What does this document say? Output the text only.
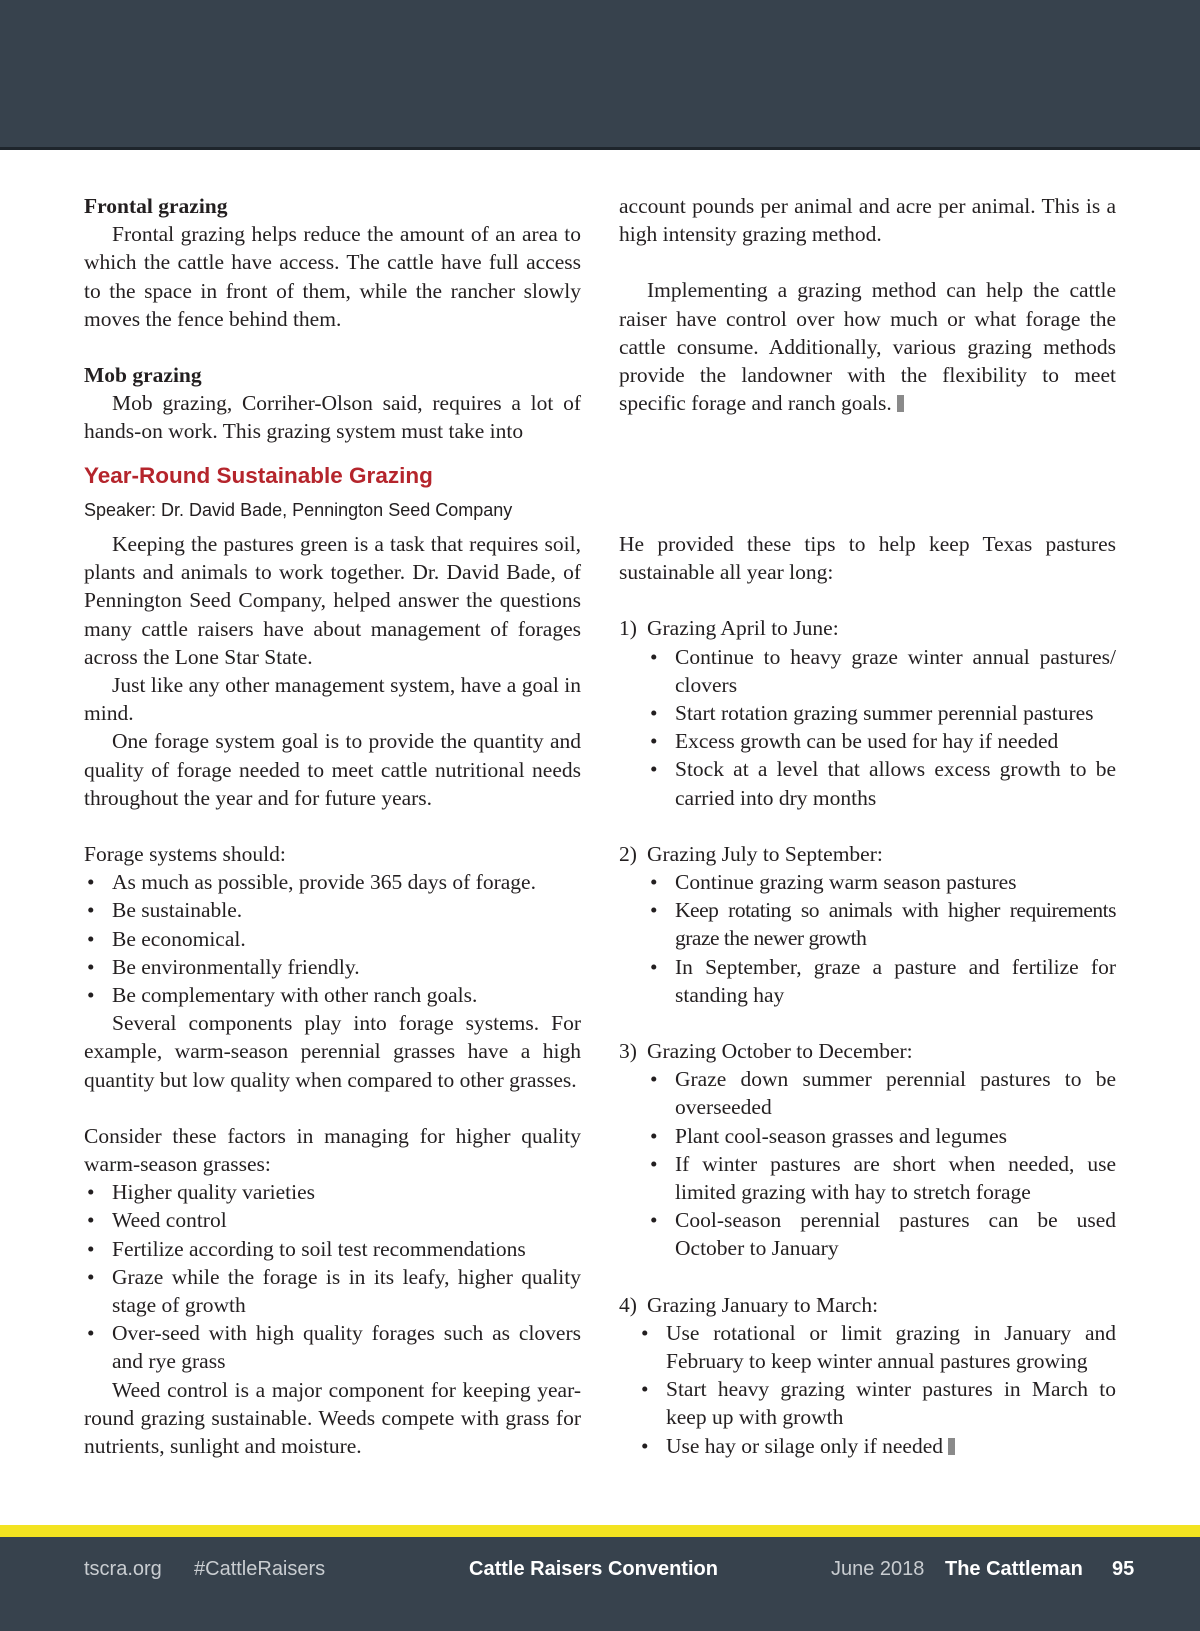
Frontal grazing

Frontal grazing helps reduce the amount of an area to which the cattle have access. The cattle have full access to the space in front of them, while the rancher slowly moves the fence behind them.

Mob grazing

Mob grazing, Corriher-Olson said, requires a lot of hands-on work. This grazing system must take into

account pounds per animal and acre per animal. This is a high intensity grazing method.

Implementing a grazing method can help the cattle raiser have control over how much or what forage the cattle consume. Additionally, various grazing methods provide the landowner with the flexibility to meet specific forage and ranch goals.

Year-Round Sustainable Grazing

Speaker: Dr. David Bade, Pennington Seed Company

Keeping the pastures green is a task that requires soil, plants and animals to work together. Dr. David Bade, of Pennington Seed Company, helped answer the questions many cattle raisers have about management of forages across the Lone Star State.

Just like any other management system, have a goal in mind.

One forage system goal is to provide the quantity and quality of forage needed to meet cattle nutritional needs throughout the year and for future years.

Forage systems should:

• As much as possible, provide 365 days of forage.
• Be sustainable.
• Be economical.
• Be environmentally friendly.
• Be complementary with other ranch goals.

Several components play into forage systems. For example, warm-season perennial grasses have a high quantity but low quality when compared to other grasses.

Consider these factors in managing for higher quality warm-season grasses:

• Higher quality varieties
• Weed control
• Fertilize according to soil test recommendations
• Graze while the forage is in its leafy, higher quality stage of growth
• Over-seed with high quality forages such as clovers and rye grass

Weed control is a major component for keeping year-round grazing sustainable. Weeds compete with grass for nutrients, sunlight and moisture.

He provided these tips to help keep Texas pastures sustainable all year long:

1) Grazing April to June:
• Continue to heavy graze winter annual pastures/ clovers
• Start rotation grazing summer perennial pastures
• Excess growth can be used for hay if needed
• Stock at a level that allows excess growth to be carried into dry months
2) Grazing July to September:
• Continue grazing warm season pastures
• Keep rotating so animals with higher requirements graze the newer growth
• In September, graze a pasture and fertilize for standing hay
3) Grazing October to December:
• Graze down summer perennial pastures to be overseeded
• Plant cool-season grasses and legumes
• If winter pastures are short when needed, use limited grazing with hay to stretch forage
• Cool-season perennial pastures can be used October to January
4) Grazing January to March:
• Use rotational or limit grazing in January and February to keep winter annual pastures growing
• Start heavy grazing winter pastures in March to keep up with growth
• Use hay or silage only if needed
tscra.org #CattleRaisers	Cattle Raisers Convention	June 2018 The Cattleman 95
